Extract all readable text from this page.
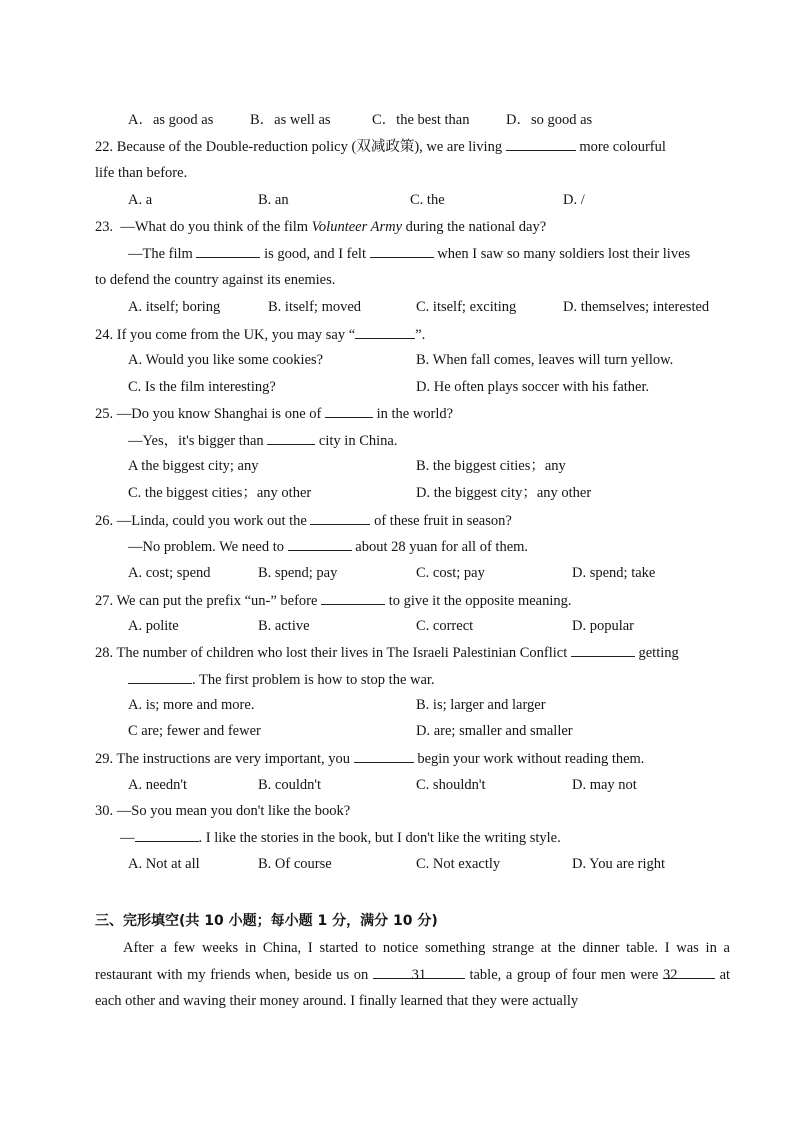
A．as good as	B．as well as	C．the best than	D．so good as
22. Because of the Double-reduction policy (双减政策), we are living	more colourful
life than before.
A. a	B. an	C. the	D. /
23. —What do you think of the film Volunteer Army during the national day?
—The film	is good, and I felt	when I saw so many soldiers lost their lives
to defend the country against its enemies.
A. itself; boring	B. itself; moved	C. itself; exciting	D. themselves; interested
24. If you come from the UK, you may say “	”.
A. Would you like some cookies?	B. When fall comes, leaves will turn yellow.
C. Is the film interesting?	D. He often plays soccer with his father.
25. —Do you know Shanghai is one of	in the world?
—Yes，it's bigger than	city in China.
A the biggest city; any	B. the biggest cities；any
C. the biggest cities；any other	D. the biggest city；any other
26. —Linda, could you work out the	of these fruit in season?
—No problem. We need to	about 28 yuan for all of them.
A. cost; spend	B. spend; pay	C. cost; pay	D. spend; take
27. We can put the prefix “un-” before	to give it the opposite meaning.
A. polite	B. active	C. correct	D. popular
28. The number of children who lost their lives in The Israeli Palestinian Conflict	getting
. The first problem is how to stop the war.
A. is; more and more.	B. is; larger and larger
C are; fewer and fewer	D. are; smaller and smaller
29. The instructions are very important, you	begin your work without reading them.
A. needn't	B. couldn't	C. shouldn't	D. may not
30. —So you mean you don't like the book?
—	. I like the stories in the book, but I don't like the writing style.
A. Not at all	B. Of course	C. Not exactly	D. You are right
三、完形填空(共 10 小题；每小题 1 分，满分 10 分)
After a few weeks in China, I started to notice something strange at the dinner table. I was in a restaurant with my friends when, beside us on	31	table, a group of four men were 32	at each other and waving their money around. I finally learned that they were actually
